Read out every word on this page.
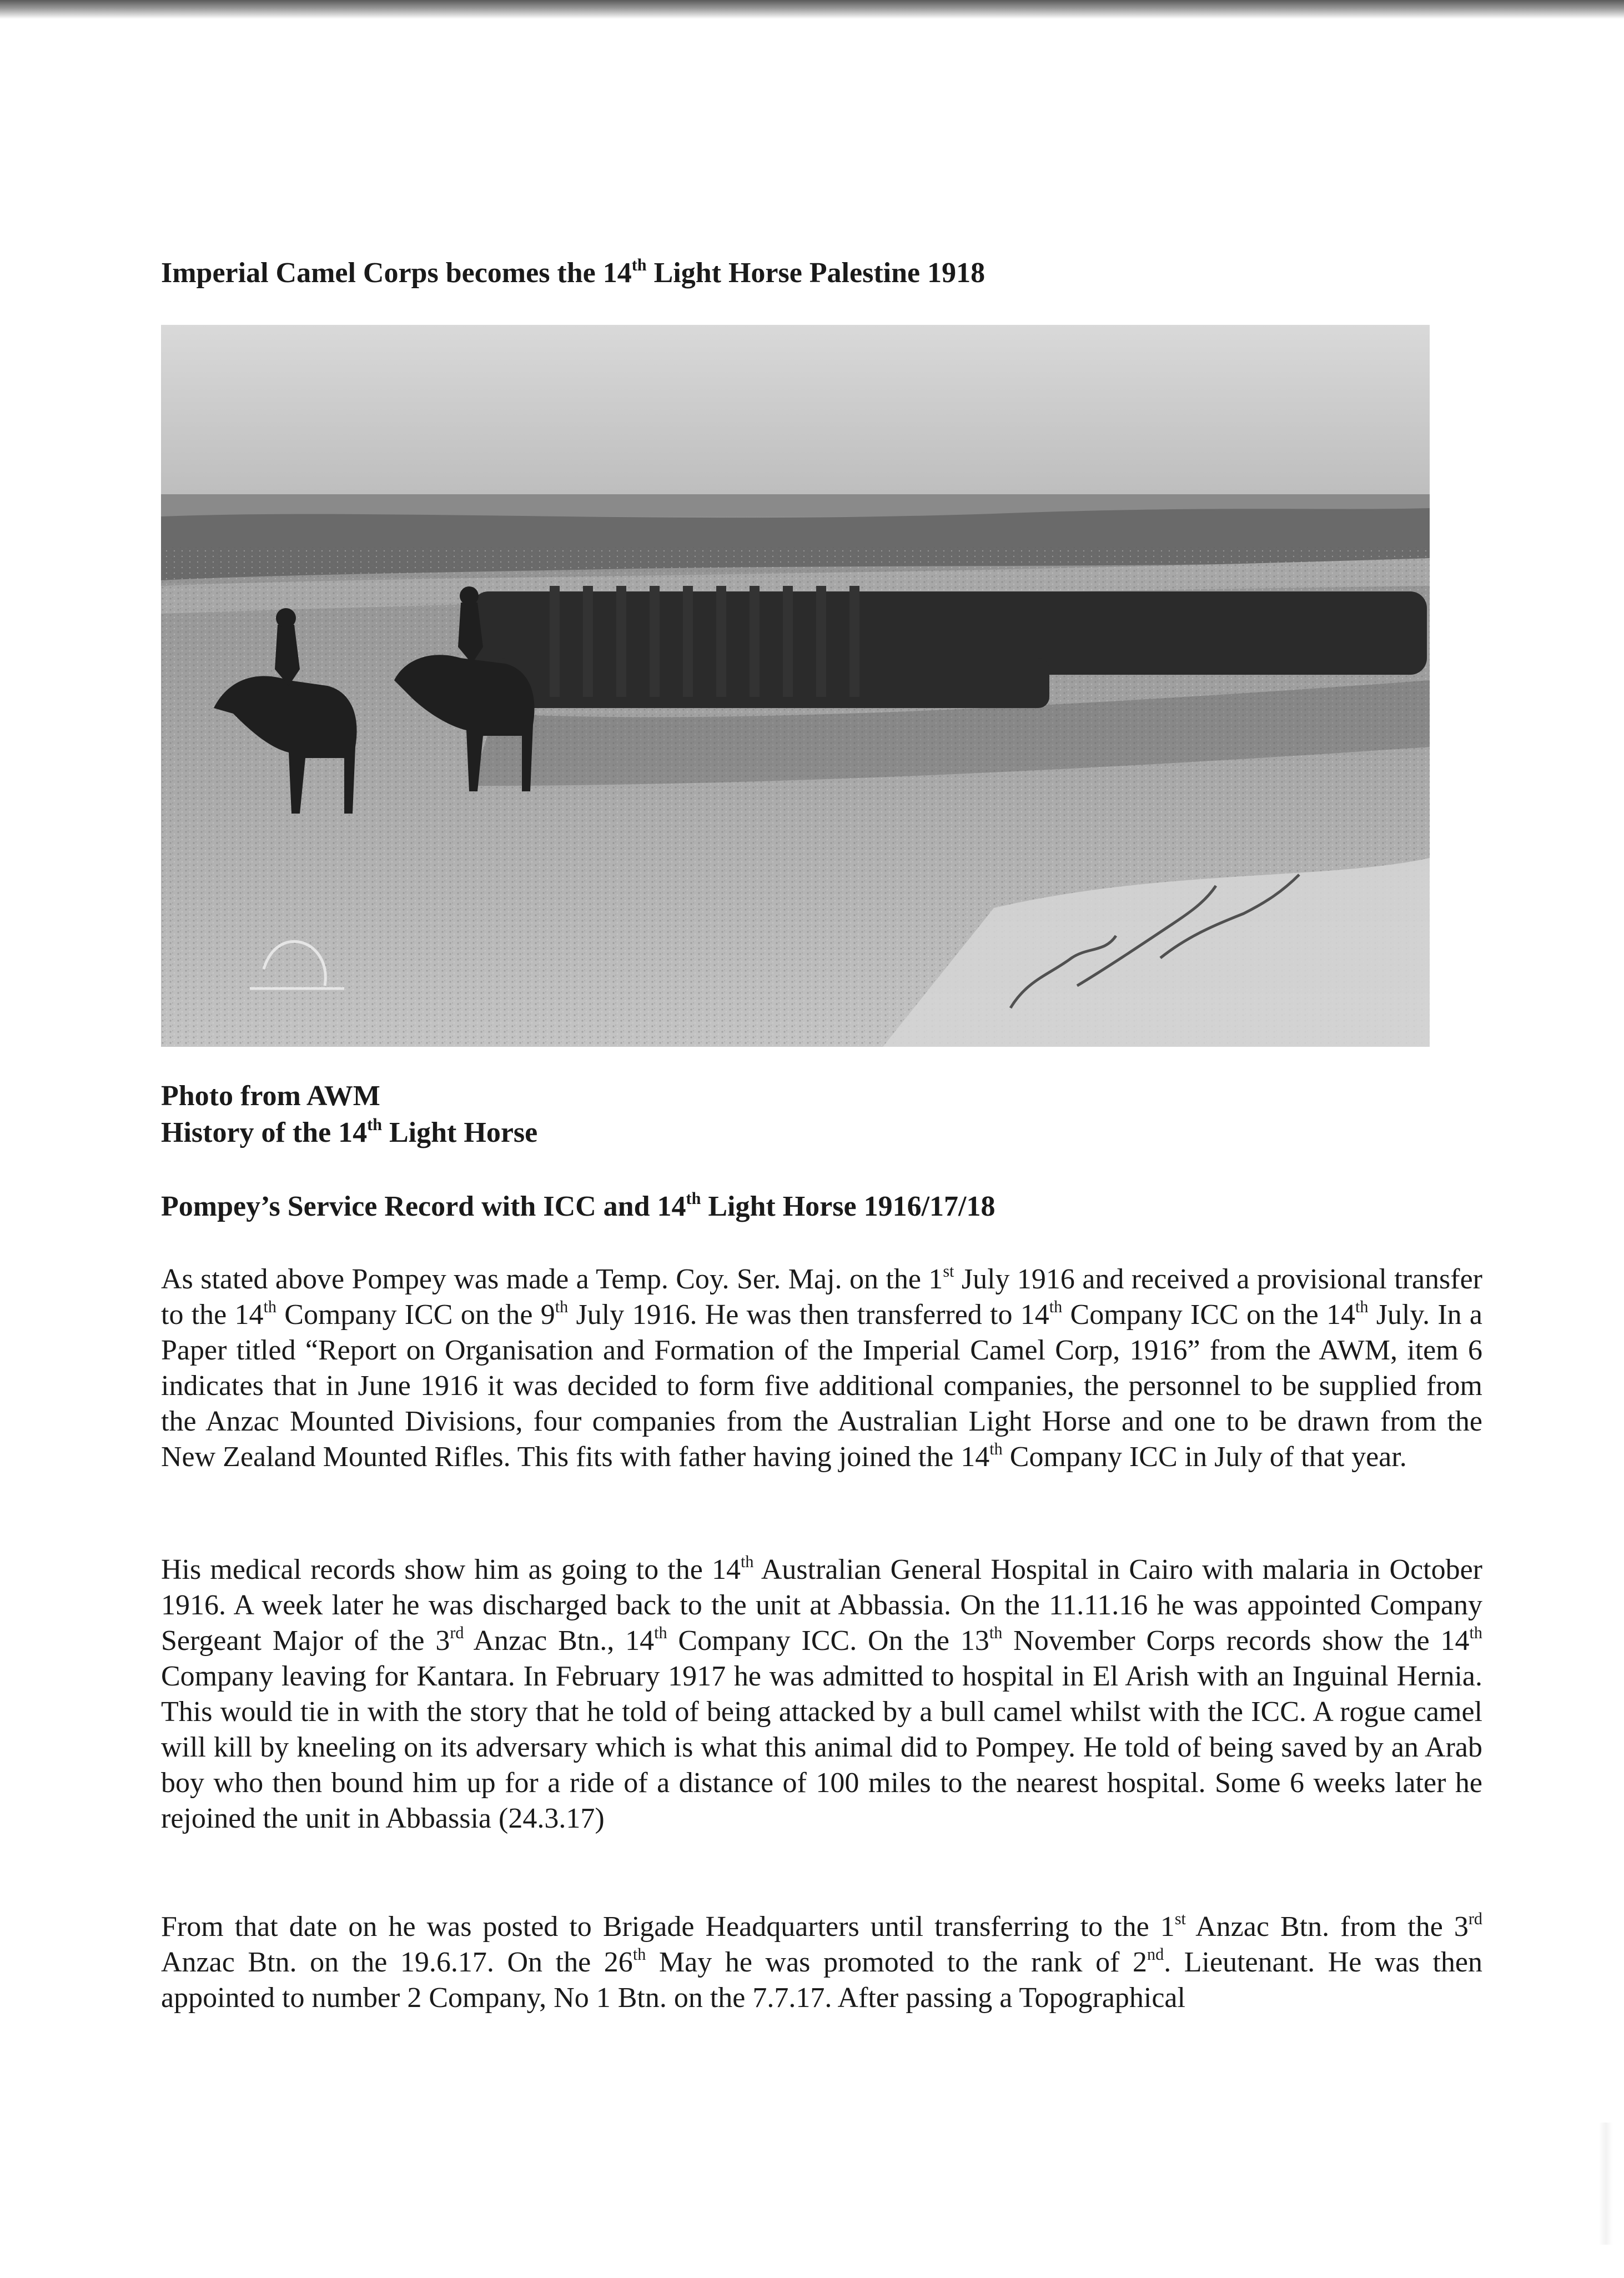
Imperial Camel Corps becomes the 14th Light Horse Palestine 1918
Photo from AWM
History of the 14th Light Horse
Pompey’s Service Record with ICC and 14th Light Horse 1916/17/18
As stated above Pompey was made a Temp. Coy. Ser. Maj. on the 1st July 1916 and received a provisional transfer to the 14th Company ICC on the 9th July 1916. He was then transferred to 14th Company ICC on the 14th July. In a Paper titled “Report on Organisation and Formation of the Imperial Camel Corp, 1916” from the AWM, item 6 indicates that in June 1916 it was decided to form five additional companies, the personnel to be supplied from the Anzac Mounted Divisions, four companies from the Australian Light Horse and one to be drawn from the New Zealand Mounted Rifles. This fits with father having joined the 14th Company ICC in July of that year.
His medical records show him as going to the 14th Australian General Hospital in Cairo with malaria in October 1916. A week later he was discharged back to the unit at Abbassia. On the 11.11.16 he was appointed Company Sergeant Major of the 3rd Anzac Btn., 14th Company ICC. On the 13th November Corps records show the 14th Company leaving for Kantara. In February 1917 he was admitted to hospital in El Arish with an Inguinal Hernia. This would tie in with the story that he told of being attacked by a bull camel whilst with the ICC. A rogue camel will kill by kneeling on its adversary which is what this animal did to Pompey. He told of being saved by an Arab boy who then bound him up for a ride of a distance of 100 miles to the nearest hospital. Some 6 weeks later he rejoined the unit in Abbassia (24.3.17)
From that date on he was posted to Brigade Headquarters until transferring to the 1st Anzac Btn. from the 3rd Anzac Btn. on the 19.6.17. On the 26th May he was promoted to the rank of 2nd. Lieutenant. He was then appointed to number 2 Company, No 1 Btn. on the 7.7.17. After passing a Topographical
